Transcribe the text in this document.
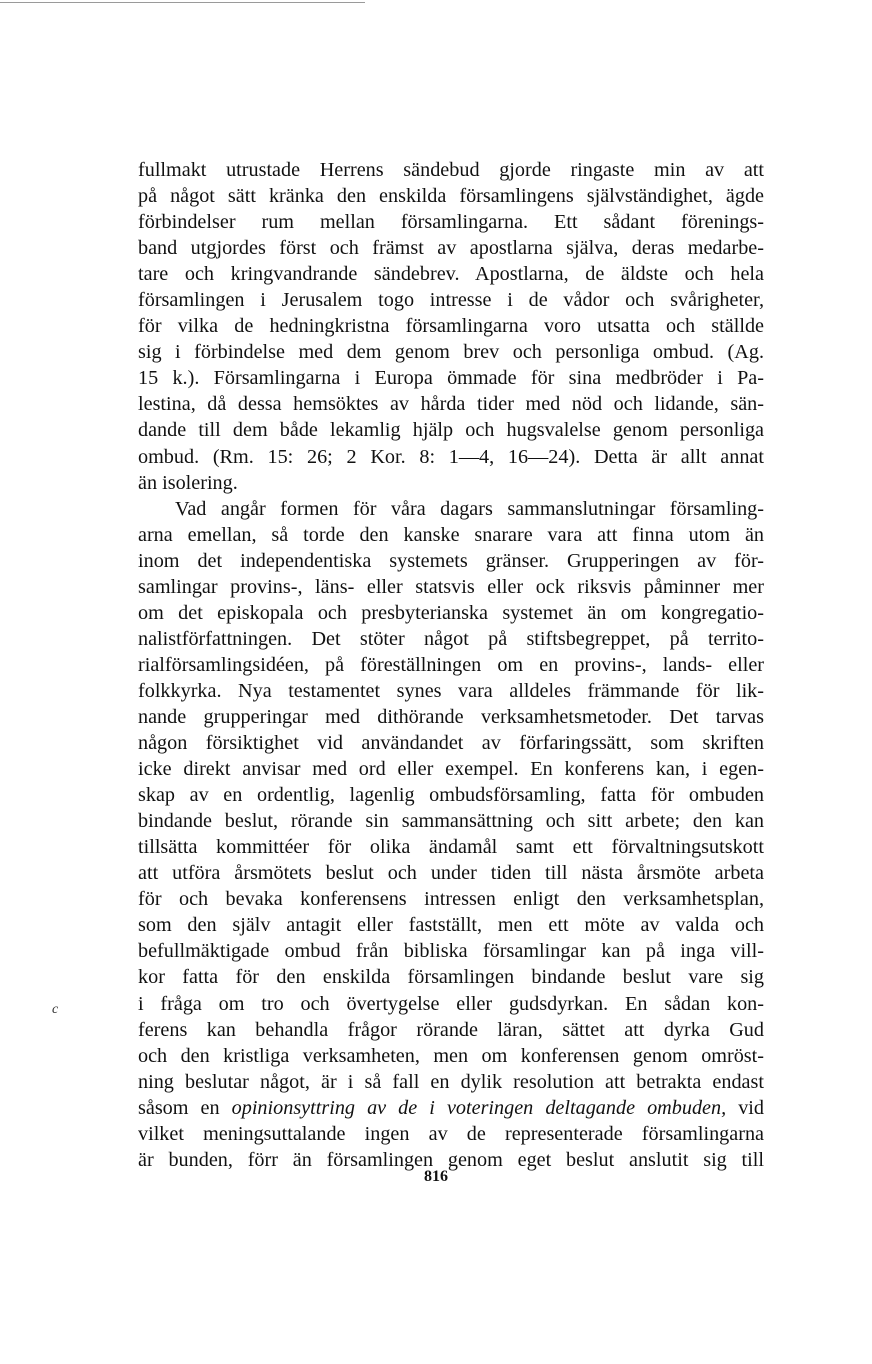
fullmakt utrustade Herrens sändebud gjorde ringaste min av att
på något sätt kränka den enskilda församlingens självständighet, ägde
förbindelser rum mellan församlingarna. Ett sådant förenings-
band utgjordes först och främst av apostlarna själva, deras medarbe-
tare och kringvandrande sändebrev. Apostlarna, de äldste och hela
församlingen i Jerusalem togo intresse i de vådor och svårigheter,
för vilka de hedningkristna församlingarna voro utsatta och ställde
sig i förbindelse med dem genom brev och personliga ombud. (Ag.
15 k.). Församlingarna i Europa ömmade för sina medbröder i Pa-
lestina, då dessa hemsöktes av hårda tider med nöd och lidande, sän-
dande till dem både lekamlig hjälp och hugsvalelse genom personliga
ombud. (Rm. 15: 26; 2 Kor. 8: 1—4, 16—24). Detta är allt annat
än isolering.
Vad angår formen för våra dagars sammanslutningar församling-
arna emellan, så torde den kanske snarare vara att finna utom än
inom det independentiska systemets gränser. Grupperingen av för-
samlingar provins-, läns- eller statsvis eller ock riksvis påminner mer
om det episkopala och presbyterianska systemet än om kongregatio-
nalistförfattningen. Det stöter något på stiftsbegreppet, på territo-
rialförsamlingsidéen, på föreställningen om en provins-, lands- eller
folkkyrka. Nya testamentet synes vara alldeles främmande för lik-
nande grupperingar med dithörande verksamhetsmetoder. Det tarvas
någon försiktighet vid användandet av förfaringssätt, som skriften
icke direkt anvisar med ord eller exempel. En konferens kan, i egen-
skap av en ordentlig, lagenlig ombudsförsamling, fatta för ombuden
bindande beslut, rörande sin sammansättning och sitt arbete; den kan
tillsätta kommittéer för olika ändamål samt ett förvaltningsutskott
att utföra årsmötets beslut och under tiden till nästa årsmöte arbeta
för och bevaka konferensens intressen enligt den verksamhetsplan,
som den själv antagit eller fastställt, men ett möte av valda och
befullmäktigade ombud från bibliska församlingar kan på inga vill-
kor fatta för den enskilda församlingen bindande beslut vare sig
i fråga om tro och övertygelse eller gudsdyrkan. En sådan kon-
ferens kan behandla frågor rörande läran, sättet att dyrka Gud
och den kristliga verksamheten, men om konferensen genom omröst-
ning beslutar något, är i så fall en dylik resolution att betrakta endast
såsom en opinionsyttring av de i voteringen deltagande ombuden, vid
vilket meningsuttalande ingen av de representerade församlingarna
är bunden, förr än församlingen genom eget beslut anslutit sig till
c
816
